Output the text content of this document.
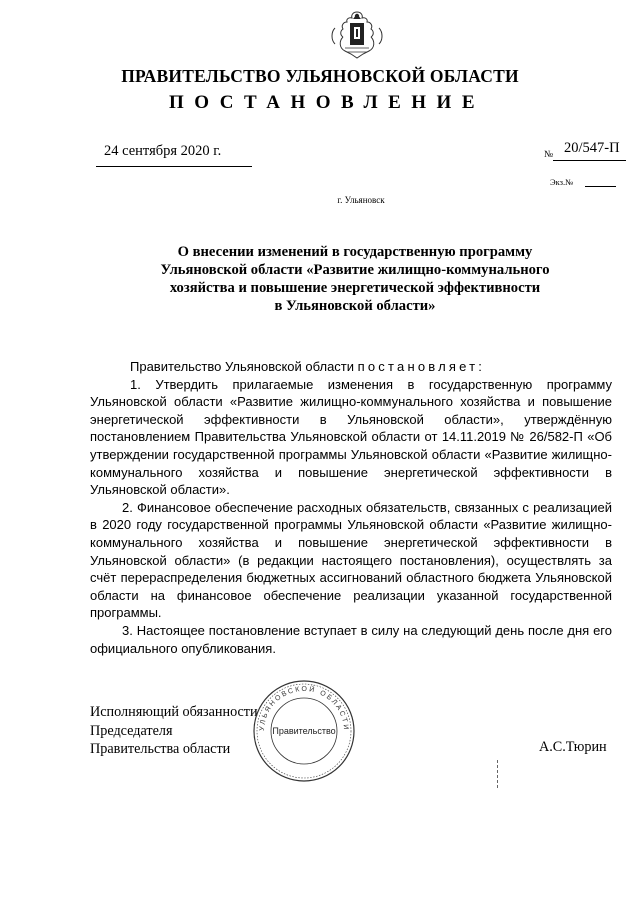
ПРАВИТЕЛЬСТВО УЛЬЯНОВСКОЙ ОБЛАСТИ
ПОСТАНОВЛЕНИЕ
24 сентября 2020 г.	№ 20/547-П
Экз.№
г. Ульяновск
О внесении изменений в государственную программу
Ульяновской области «Развитие жилищно-коммунального
хозяйства и повышение энергетической эффективности
в Ульяновской области»

Правительство Ульяновской области постановляет:

1. Утвердить прилагаемые изменения в государственную программу Ульяновской области «Развитие жилищно-коммунального хозяйства и повышение энергетической эффективности в Ульяновской области», утверждённую постановлением Правительства Ульяновской области от 14.11.2019 № 26/582-П «Об утверждении государственной программы Ульяновской области «Развитие жилищно-коммунального хозяйства и повышение энергетической эффективности в Ульяновской области».

2. Финансовое обеспечение расходных обязательств, связанных с реализацией в 2020 году государственной программы Ульяновской области «Развитие жилищно-коммунального хозяйства и повышение энергетической эффективности в Ульяновской области» (в редакции настоящего постановления), осуществлять за счёт перераспределения бюджетных ассигнований областного бюджета Ульяновской области на финансовое обеспечение реализации указанной государственной программы.

3. Настоящее постановление вступает в силу на следующий день после дня его официального опубликования.

Исполняющий обязанности
Председателя
Правительства области	А.С.Тюрин
УЛЬЯНОВСКОЙ ОБЛАСТИ
Правительство
